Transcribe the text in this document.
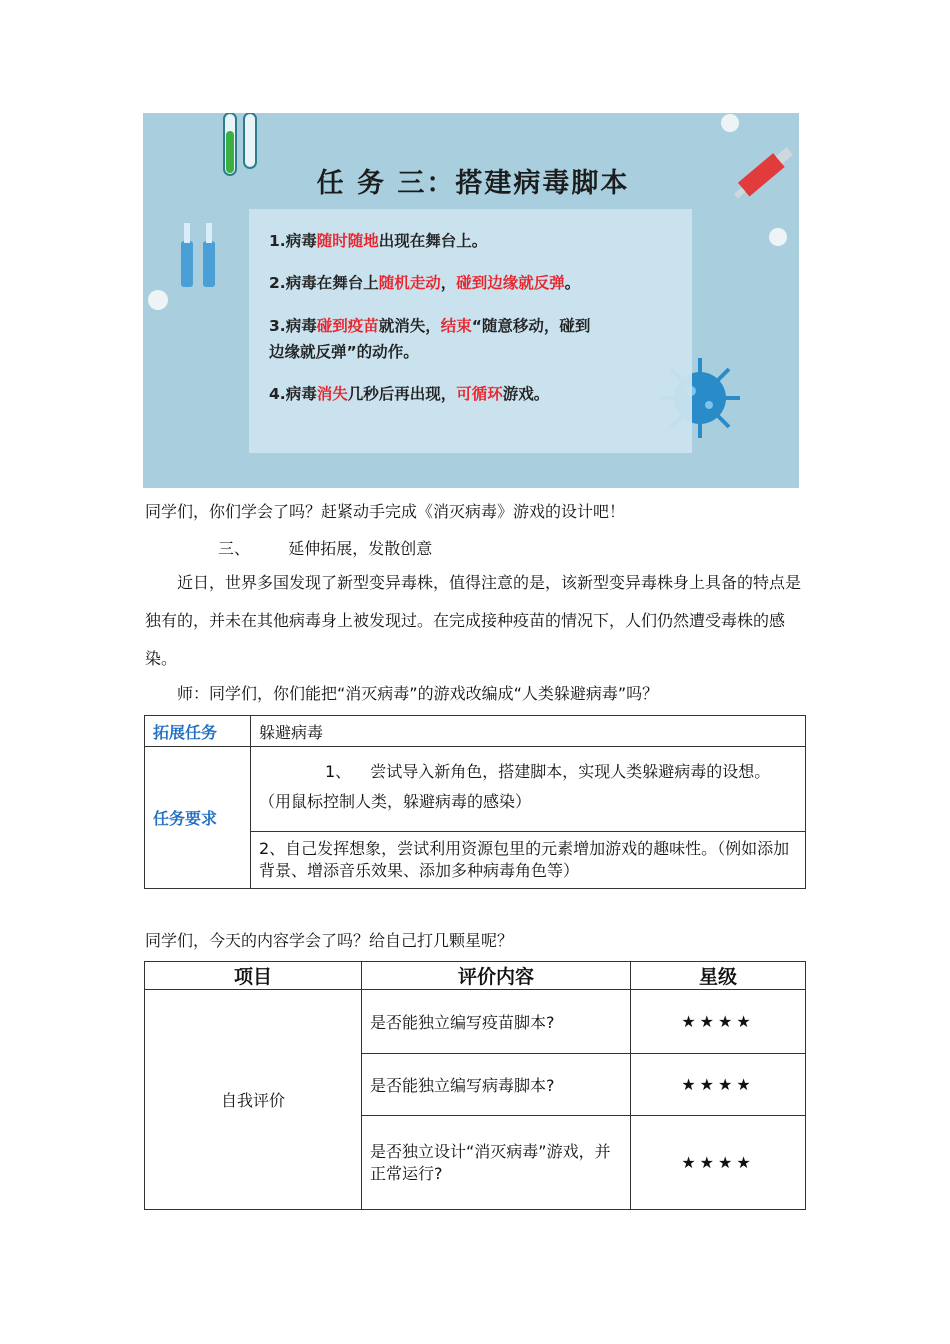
任 务 三：搭建病毒脚本
1.病毒随时随地出现在舞台上。
2.病毒在舞台上随机走动，碰到边缘就反弹。
3.病毒碰到疫苗就消失，结束“随意移动，碰到
边缘就反弹”的动作。
4.病毒消失几秒后再出现，可循环游戏。
同学们，你们学会了吗？赶紧动手完成《消灭病毒》游戏的设计吧！
三、 延伸拓展，发散创意
近日，世界多国发现了新型变异毒株，值得注意的是，该新型变异毒株身上具备的特点是独有的，并未在其他病毒身上被发现过。在完成接种疫苗的情况下，人们仍然遭受毒株的感染。
师：同学们，你们能把“消灭病毒”的游戏改编成“人类躲避病毒”吗？
拓展任务	躲避病毒
任务要求	1、 尝试导入新角色，搭建脚本，实现人类躲避病毒的设想。
（用鼠标控制人类，躲避病毒的感染）

	2、自己发挥想象，尝试利用资源包里的元素增加游戏的趣味性。（例如添加背景、增添音乐效果、添加多种病毒角色等）
同学们，今天的内容学会了吗？给自己打几颗星呢？
项目	评价内容	星级
自我评价	是否能独立编写疫苗脚本?	★★★★
	是否能独立编写病毒脚本?	★★★★
	是否独立设计“消灭病毒”游戏，并正常运行?	★★★★
